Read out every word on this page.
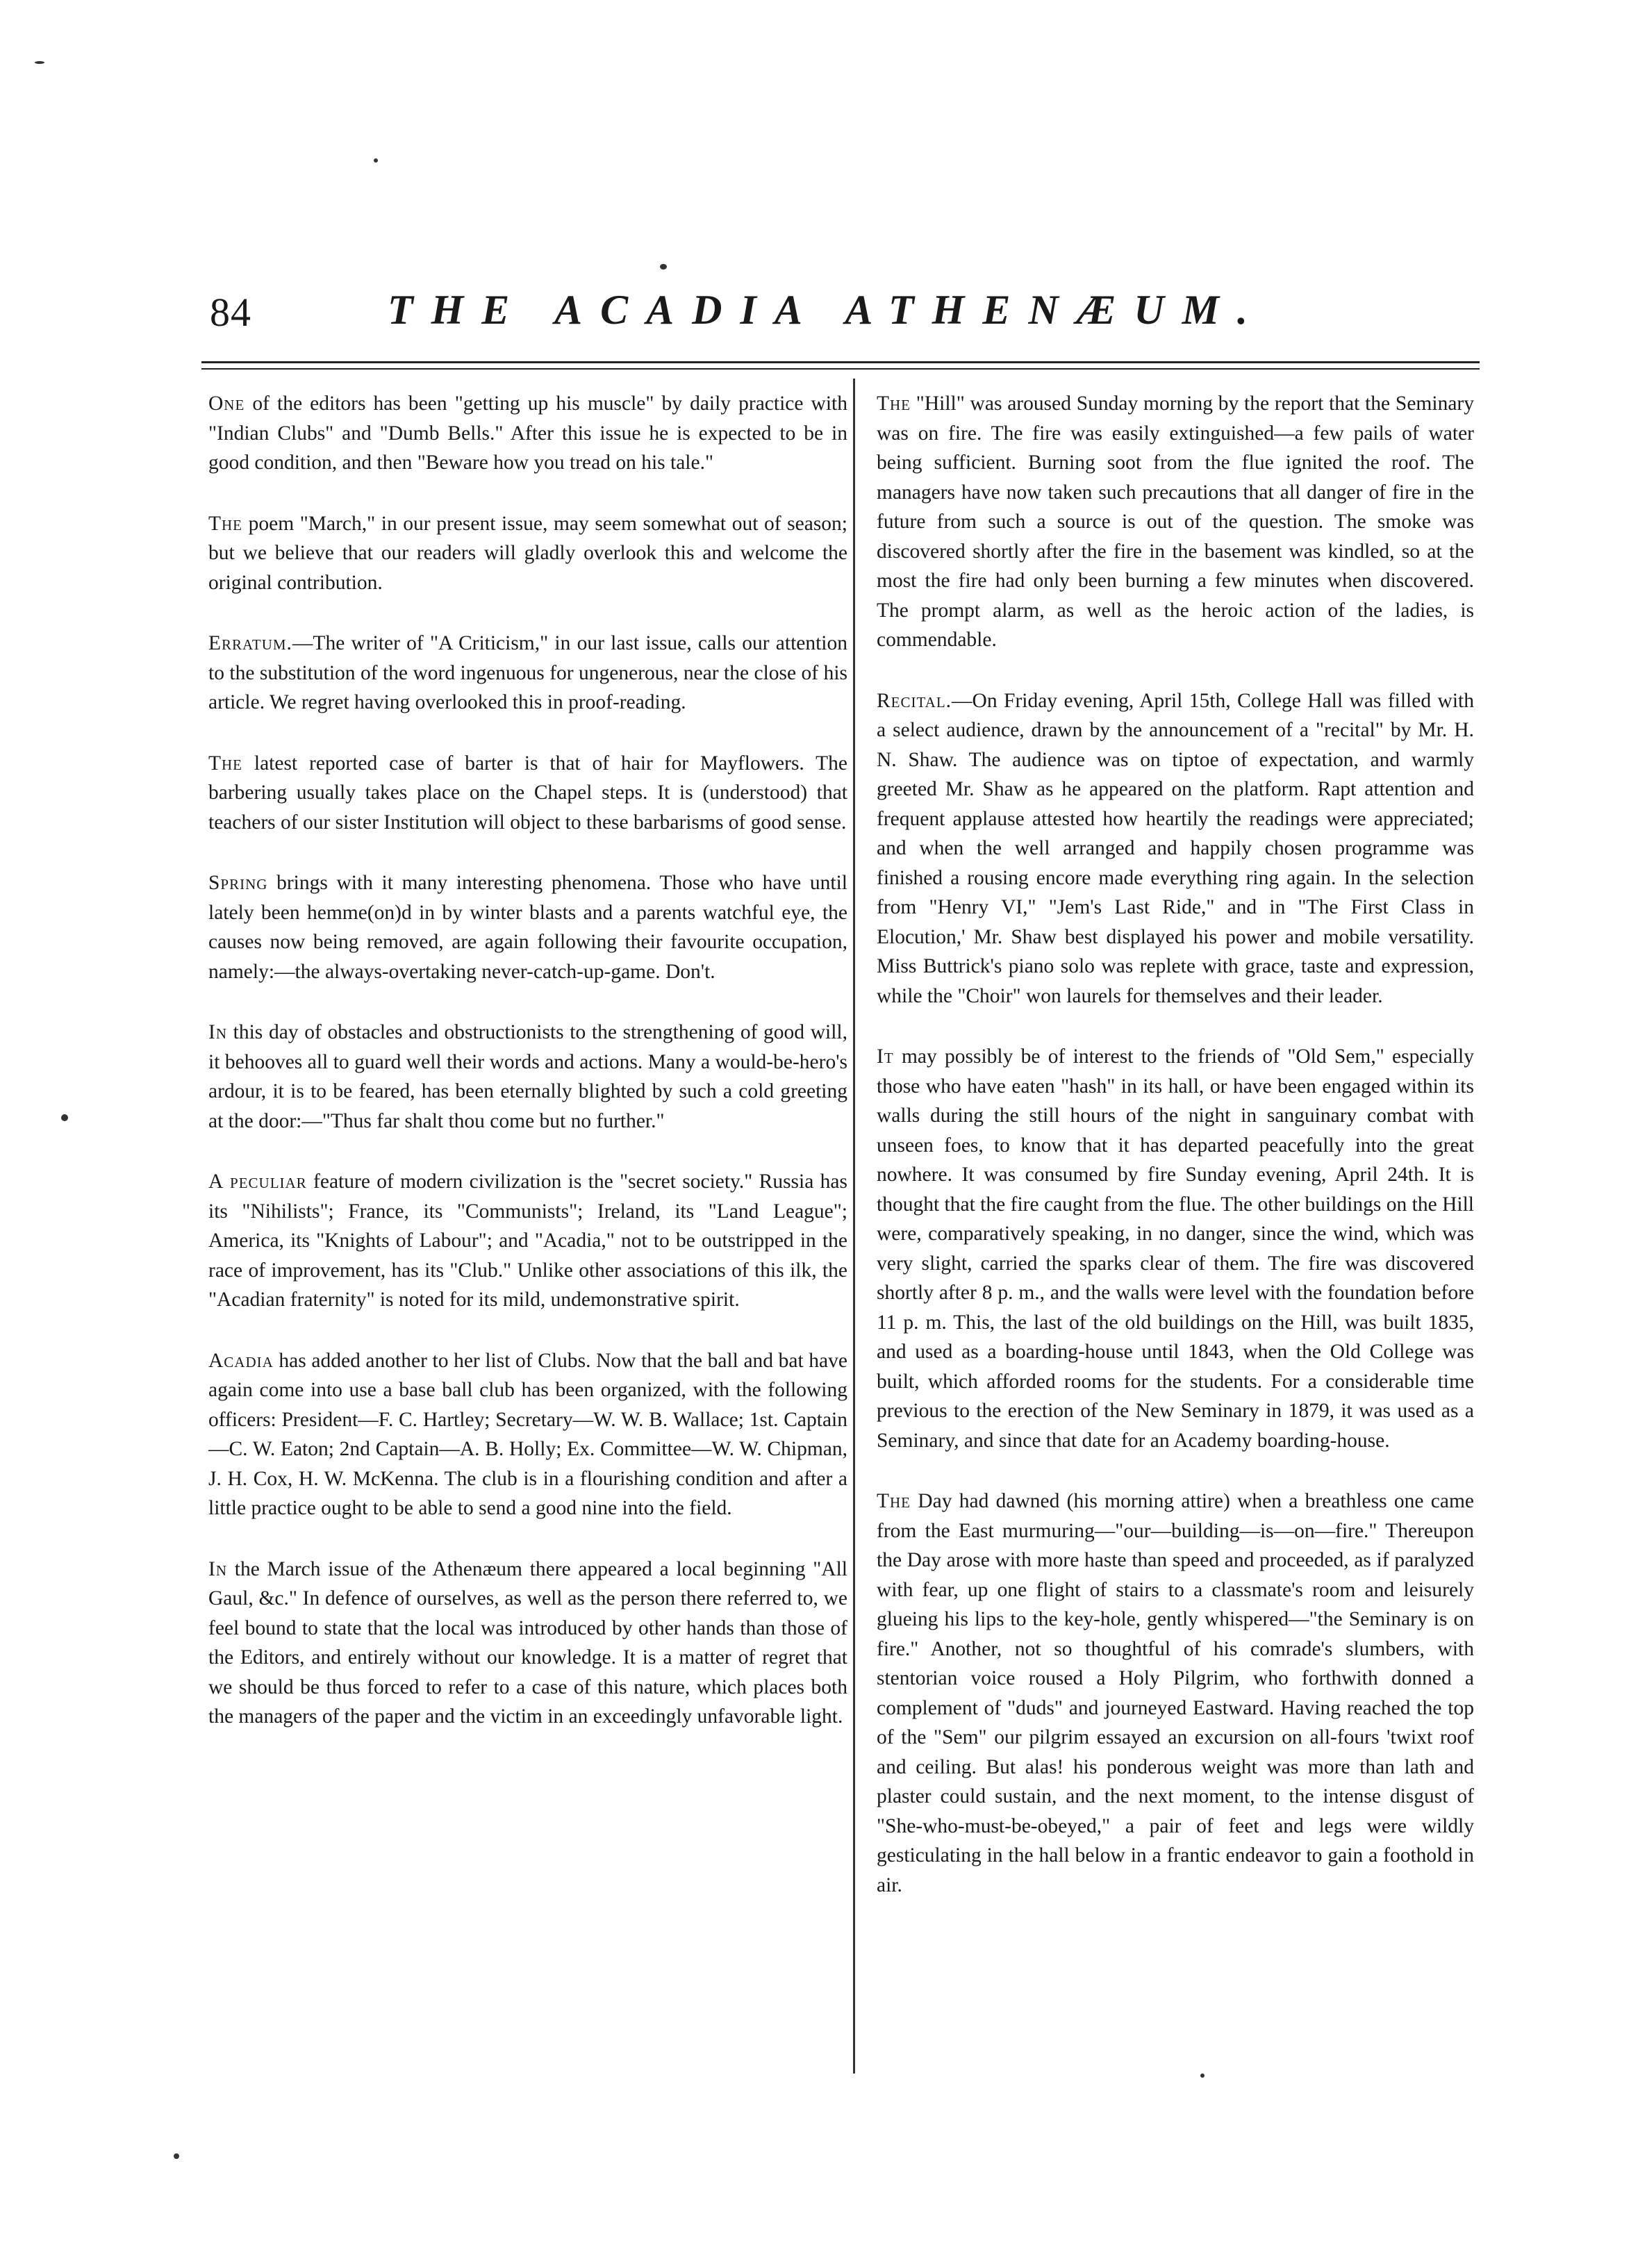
84	THE ACADIA ATHENÆUM.

One of the editors has been "getting up his muscle" by daily practice with "Indian Clubs" and "Dumb Bells." After this issue he is expected to be in good condition, and then "Beware how you tread on his tale."

The poem "March," in our present issue, may seem somewhat out of season; but we believe that our readers will gladly overlook this and welcome the original contribution.

Erratum.—The writer of "A Criticism," in our last issue, calls our attention to the substitution of the word ingenuous for ungenerous, near the close of his article. We regret having overlooked this in proof-reading.

The latest reported case of barter is that of hair for Mayflowers. The barbering usually takes place on the Chapel steps. It is (understood) that teachers of our sister Institution will object to these barbarisms of good sense.

Spring brings with it many interesting phenomena. Those who have until lately been hemme(on)d in by winter blasts and a parents watchful eye, the causes now being removed, are again following their favourite occupation, namely:—the always-overtaking never-catch-up-game. Don't.

In this day of obstacles and obstructionists to the strengthening of good will, it behooves all to guard well their words and actions. Many a would-be-hero's ardour, it is to be feared, has been eternally blighted by such a cold greeting at the door:—"Thus far shalt thou come but no further."

A peculiar feature of modern civilization is the "secret society." Russia has its "Nihilists"; France, its "Communists"; Ireland, its "Land League"; America, its "Knights of Labour"; and "Acadia," not to be outstripped in the race of improvement, has its "Club." Unlike other associations of this ilk, the "Acadian fraternity" is noted for its mild, undemonstrative spirit.

Acadia has added another to her list of Clubs. Now that the ball and bat have again come into use a base ball club has been organized, with the following officers: President—F. C. Hartley; Secretary—W. W. B. Wallace; 1st. Captain—C. W. Eaton; 2nd Captain—A. B. Holly; Ex. Committee—W. W. Chipman, J. H. Cox, H. W. McKenna. The club is in a flourishing condition and after a little practice ought to be able to send a good nine into the field.

In the March issue of the Athenæum there appeared a local beginning "All Gaul, &c." In defence of ourselves, as well as the person there referred to, we feel bound to state that the local was introduced by other hands than those of the Editors, and entirely without our knowledge. It is a matter of regret that we should be thus forced to refer to a case of this nature, which places both the managers of the paper and the victim in an exceedingly unfavorable light.

The "Hill" was aroused Sunday morning by the report that the Seminary was on fire. The fire was easily extinguished—a few pails of water being sufficient. Burning soot from the flue ignited the roof. The managers have now taken such precautions that all danger of fire in the future from such a source is out of the question. The smoke was discovered shortly after the fire in the basement was kindled, so at the most the fire had only been burning a few minutes when discovered. The prompt alarm, as well as the heroic action of the ladies, is commendable.

Recital.—On Friday evening, April 15th, College Hall was filled with a select audience, drawn by the announcement of a "recital" by Mr. H. N. Shaw. The audience was on tiptoe of expectation, and warmly greeted Mr. Shaw as he appeared on the platform. Rapt attention and frequent applause attested how heartily the readings were appreciated; and when the well arranged and happily chosen programme was finished a rousing encore made everything ring again. In the selection from "Henry VI," "Jem's Last Ride," and in "The First Class in Elocution,' Mr. Shaw best displayed his power and mobile versatility. Miss Buttrick's piano solo was replete with grace, taste and expression, while the "Choir" won laurels for themselves and their leader.

It may possibly be of interest to the friends of "Old Sem," especially those who have eaten "hash" in its hall, or have been engaged within its walls during the still hours of the night in sanguinary combat with unseen foes, to know that it has departed peacefully into the great nowhere. It was consumed by fire Sunday evening, April 24th. It is thought that the fire caught from the flue. The other buildings on the Hill were, comparatively speaking, in no danger, since the wind, which was very slight, carried the sparks clear of them. The fire was discovered shortly after 8 p. m., and the walls were level with the foundation before 11 p. m. This, the last of the old buildings on the Hill, was built 1835, and used as a boarding-house until 1843, when the Old College was built, which afforded rooms for the students. For a considerable time previous to the erection of the New Seminary in 1879, it was used as a Seminary, and since that date for an Academy boarding-house.

The Day had dawned (his morning attire) when a breathless one came from the East murmuring—"our—building—is—on—fire." Thereupon the Day arose with more haste than speed and proceeded, as if paralyzed with fear, up one flight of stairs to a classmate's room and leisurely glueing his lips to the key-hole, gently whispered—"the Seminary is on fire." Another, not so thoughtful of his comrade's slumbers, with stentorian voice roused a Holy Pilgrim, who forthwith donned a complement of "duds" and journeyed Eastward. Having reached the top of the "Sem" our pilgrim essayed an excursion on all-fours 'twixt roof and ceiling. But alas! his ponderous weight was more than lath and plaster could sustain, and the next moment, to the intense disgust of "She-who-must-be-obeyed," a pair of feet and legs were wildly gesticulating in the hall below in a frantic endeavor to gain a foothold in air.
